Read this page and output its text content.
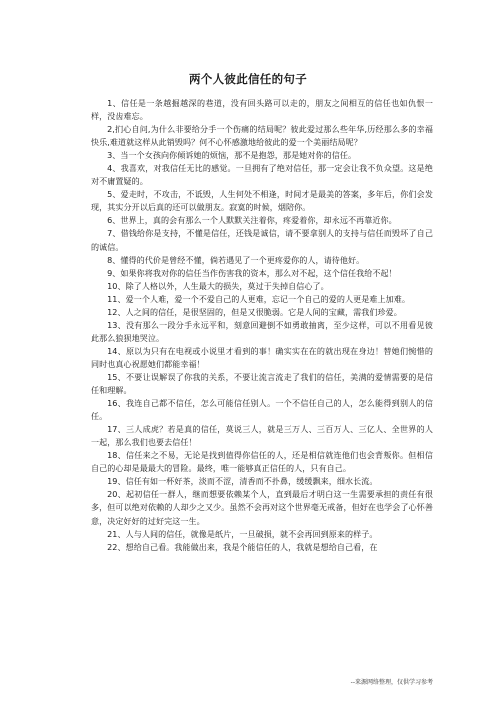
两个人彼此信任的句子

1、信任是一条越掘越深的巷道，没有回头路可以走的，朋友之间相互的信任也如仇恨一样，没齿难忘。

2,扪心自问,为什么非要给分手一个伤痛的结局呢？彼此爱过那么些年华,历经那么多的幸福快乐,难道就这样从此销毁吗？何不心怀感激地给彼此的爱一个美丽结局呢？

3、当一个女孩向你倾诉她的烦恼，那不是抱怨，那是她对你的信任。

4、我喜欢，对我信任无比的感觉。一旦拥有了绝对信任，那一定会让我不负众望。这是绝对不庸置疑的。

5、爱走时，不攻击，不诋毁，人生何处不相逢，时间才是最美的答案，多年后，你们会发现，其实分开以后真的还可以做朋友。寂寞的时候，烟陪你。

6、世界上，真的会有那么一个人默默关注着你，疼爱着你，却永远不再靠近你。

7、借钱给你是支持，不懂是信任，还钱是诚信，请不要拿别人的支持与信任而毁坏了自己的诚信。

8、懂得的代价是曾经不懂，倘若遇见了一个更疼爱你的人，请待他好。

9、如果你将我对你的信任当作伤害我的资本，那么对不起，这个信任我给不起！

10、除了人格以外，人生最大的损失，莫过于失掉自信心了。

11、爱一个人难，爱一个不爱自己的人更难，忘记一个自己的爱的人更是难上加难。

12、人之间的信任，是很坚固的，但是又很脆弱。它是人间的宝藏，需我们珍爱。

13、没有那么一段分手永远平和，刻意回避倒不如勇敢抽离，至少这样，可以不用看见彼此那么狼狈地哭泣。

14、原以为只有在电视或小说里才看到的事！确实实在在的就出现在身边！替她们惋惜的同时也真心祝愿她们都能幸福！

15、不要让误解误了你我的关系，不要让流言流走了我们的信任，美满的爱情需要的是信任和理解。

16、我连自己都不信任，怎么可能信任别人。一个不信任自己的人，怎么能得到别人的信任。

17、三人成虎？若是真的信任，莫说三人，就是三万人、三百万人、三亿人、全世界的人一起，那么我们也要去信任！

18、信任来之不易，无论是找到值得你信任的人，还是相信就连他们也会背叛你。但相信自己的心却是最最大的冒险。最终，唯一能够真正信任的人，只有自己。

19、信任有如一杯好茶，淡而不涩，清香而不扑鼻，缓缓飘来，细水长流。

20、起初信任一群人，继而想要依赖某个人，直到最后才明白这一生需要承担的责任有很多，但可以绝对依赖的人却少之又少。虽然不会再对这个世界毫无戒备，但好在也学会了心怀善意，决定好好的过好完这一生。

21、人与人间的信任，就像是纸片，一旦破损，就不会再回到原来的样子。

22、想给自己看。我能做出来，我是个能信任的人，我就是想给自己看，在

--来源网络整理，仅供学习参考
